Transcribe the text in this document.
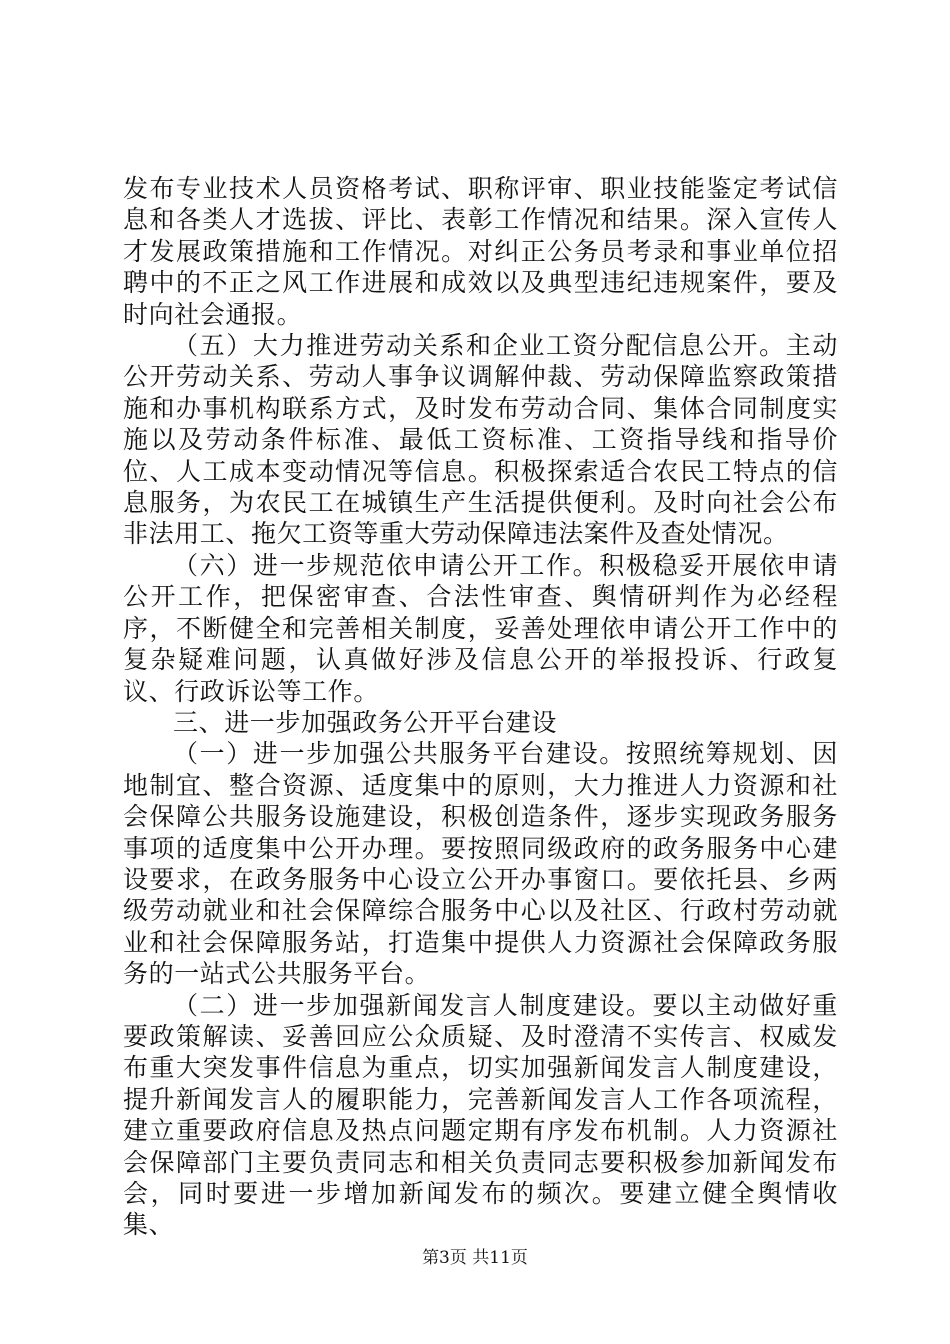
发布专业技术人员资格考试、职称评审、职业技能鉴定考试信息和各类人才选拔、评比、表彰工作情况和结果。深入宣传人才发展政策措施和工作情况。对纠正公务员考录和事业单位招聘中的不正之风工作进展和成效以及典型违纪违规案件，要及时向社会通报。

（五）大力推进劳动关系和企业工资分配信息公开。主动公开劳动关系、劳动人事争议调解仲裁、劳动保障监察政策措施和办事机构联系方式，及时发布劳动合同、集体合同制度实施以及劳动条件标准、最低工资标准、工资指导线和指导价位、人工成本变动情况等信息。积极探索适合农民工特点的信息服务，为农民工在城镇生产生活提供便利。及时向社会公布非法用工、拖欠工资等重大劳动保障违法案件及查处情况。

（六）进一步规范依申请公开工作。积极稳妥开展依申请公开工作，把保密审查、合法性审查、舆情研判作为必经程序，不断健全和完善相关制度，妥善处理依申请公开工作中的复杂疑难问题，认真做好涉及信息公开的举报投诉、行政复议、行政诉讼等工作。

三、进一步加强政务公开平台建设

（一）进一步加强公共服务平台建设。按照统筹规划、因地制宜、整合资源、适度集中的原则，大力推进人力资源和社会保障公共服务设施建设，积极创造条件，逐步实现政务服务事项的适度集中公开办理。要按照同级政府的政务服务中心建设要求，在政务服务中心设立公开办事窗口。要依托县、乡两级劳动就业和社会保障综合服务中心以及社区、行政村劳动就业和社会保障服务站，打造集中提供人力资源社会保障政务服务的一站式公共服务平台。

（二）进一步加强新闻发言人制度建设。要以主动做好重要政策解读、妥善回应公众质疑、及时澄清不实传言、权威发布重大突发事件信息为重点，切实加强新闻发言人制度建设，提升新闻发言人的履职能力，完善新闻发言人工作各项流程，建立重要政府信息及热点问题定期有序发布机制。人力资源社会保障部门主要负责同志和相关负责同志要积极参加新闻发布会，同时要进一步增加新闻发布的频次。要建立健全舆情收集、

第3页 共11页
